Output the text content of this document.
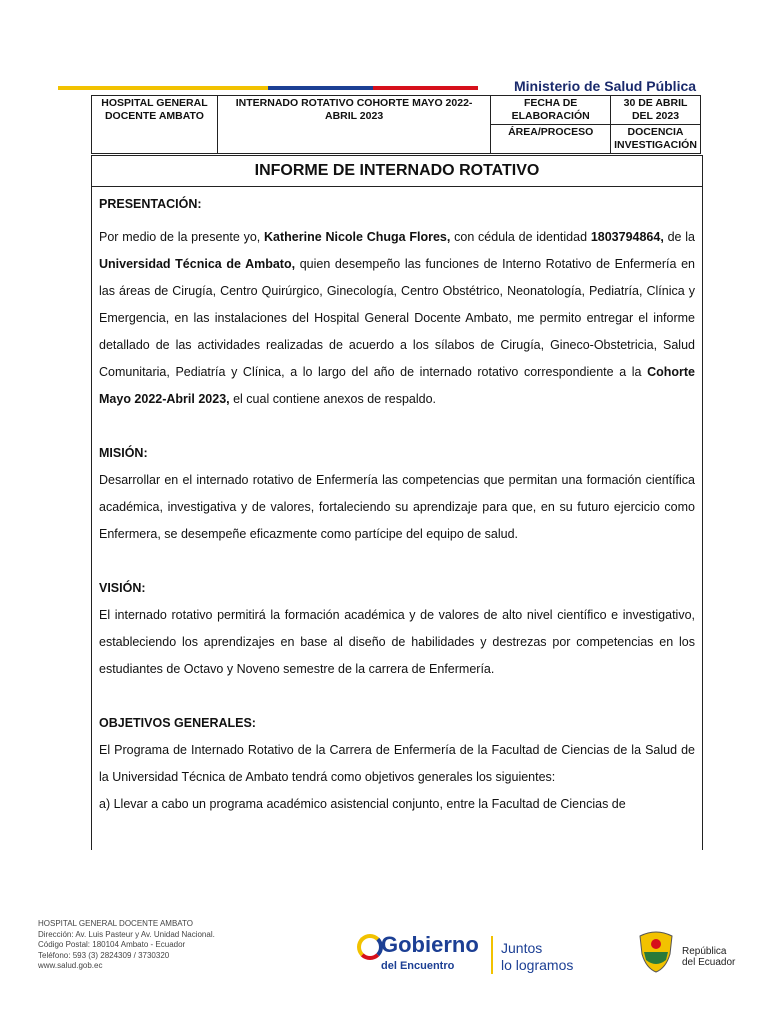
Ministerio de Salud Pública
HOSPITAL GENERAL DOCENTE AMBATO	INTERNADO ROTATIVO COHORTE MAYO 2022-ABRIL 2023	FECHA DE ELABORACIÓN	30 DE ABRIL DEL 2023
		ÁREA/PROCESO	DOCENCIA INVESTIGACIÓN
INFORME DE INTERNADO ROTATIVO

PRESENTACIÓN:

Por medio de la presente yo, Katherine Nicole Chuga Flores, con cédula de identidad 1803794864, de la Universidad Técnica de Ambato, quien desempeño las funciones de Interno Rotativo de Enfermería en las áreas de Cirugía, Centro Quirúrgico, Ginecología, Centro Obstétrico, Neonatología, Pediatría, Clínica y Emergencia, en las instalaciones del Hospital General Docente Ambato, me permito entregar el informe detallado de las actividades realizadas de acuerdo a los sílabos de Cirugía, Gineco-Obstetricia, Salud Comunitaria, Pediatría y Clínica, a lo largo del año de internado rotativo correspondiente a la Cohorte Mayo 2022-Abril 2023, el cual contiene anexos de respaldo.

MISIÓN:

Desarrollar en el internado rotativo de Enfermería las competencias que permitan una formación científica académica, investigativa y de valores, fortaleciendo su aprendizaje para que, en su futuro ejercicio como Enfermera, se desempeñe eficazmente como partícipe del equipo de salud.

VISIÓN:

El internado rotativo permitirá la formación académica y de valores de alto nivel científico e investigativo, estableciendo los aprendizajes en base al diseño de habilidades y destrezas por competencias en los estudiantes de Octavo y Noveno semestre de la carrera de Enfermería.

OBJETIVOS GENERALES:

El Programa de Internado Rotativo de la Carrera de Enfermería de la Facultad de Ciencias de la Salud de la Universidad Técnica de Ambato tendrá como objetivos generales los siguientes:

a) Llevar a cabo un programa académico asistencial conjunto, entre la Facultad de Ciencias de

HOSPITAL GENERAL DOCENTE AMBATO
Dirección: Av. Luis Pasteur y Av. Unidad Nacional.
Código Postal: 180104 Ambato - Ecuador
Teléfono: 593 (3) 2824309 / 3730320
www.salud.gob.ec
Gobierno
del Encuentro
Juntos
lo logramos
República
del Ecuador
